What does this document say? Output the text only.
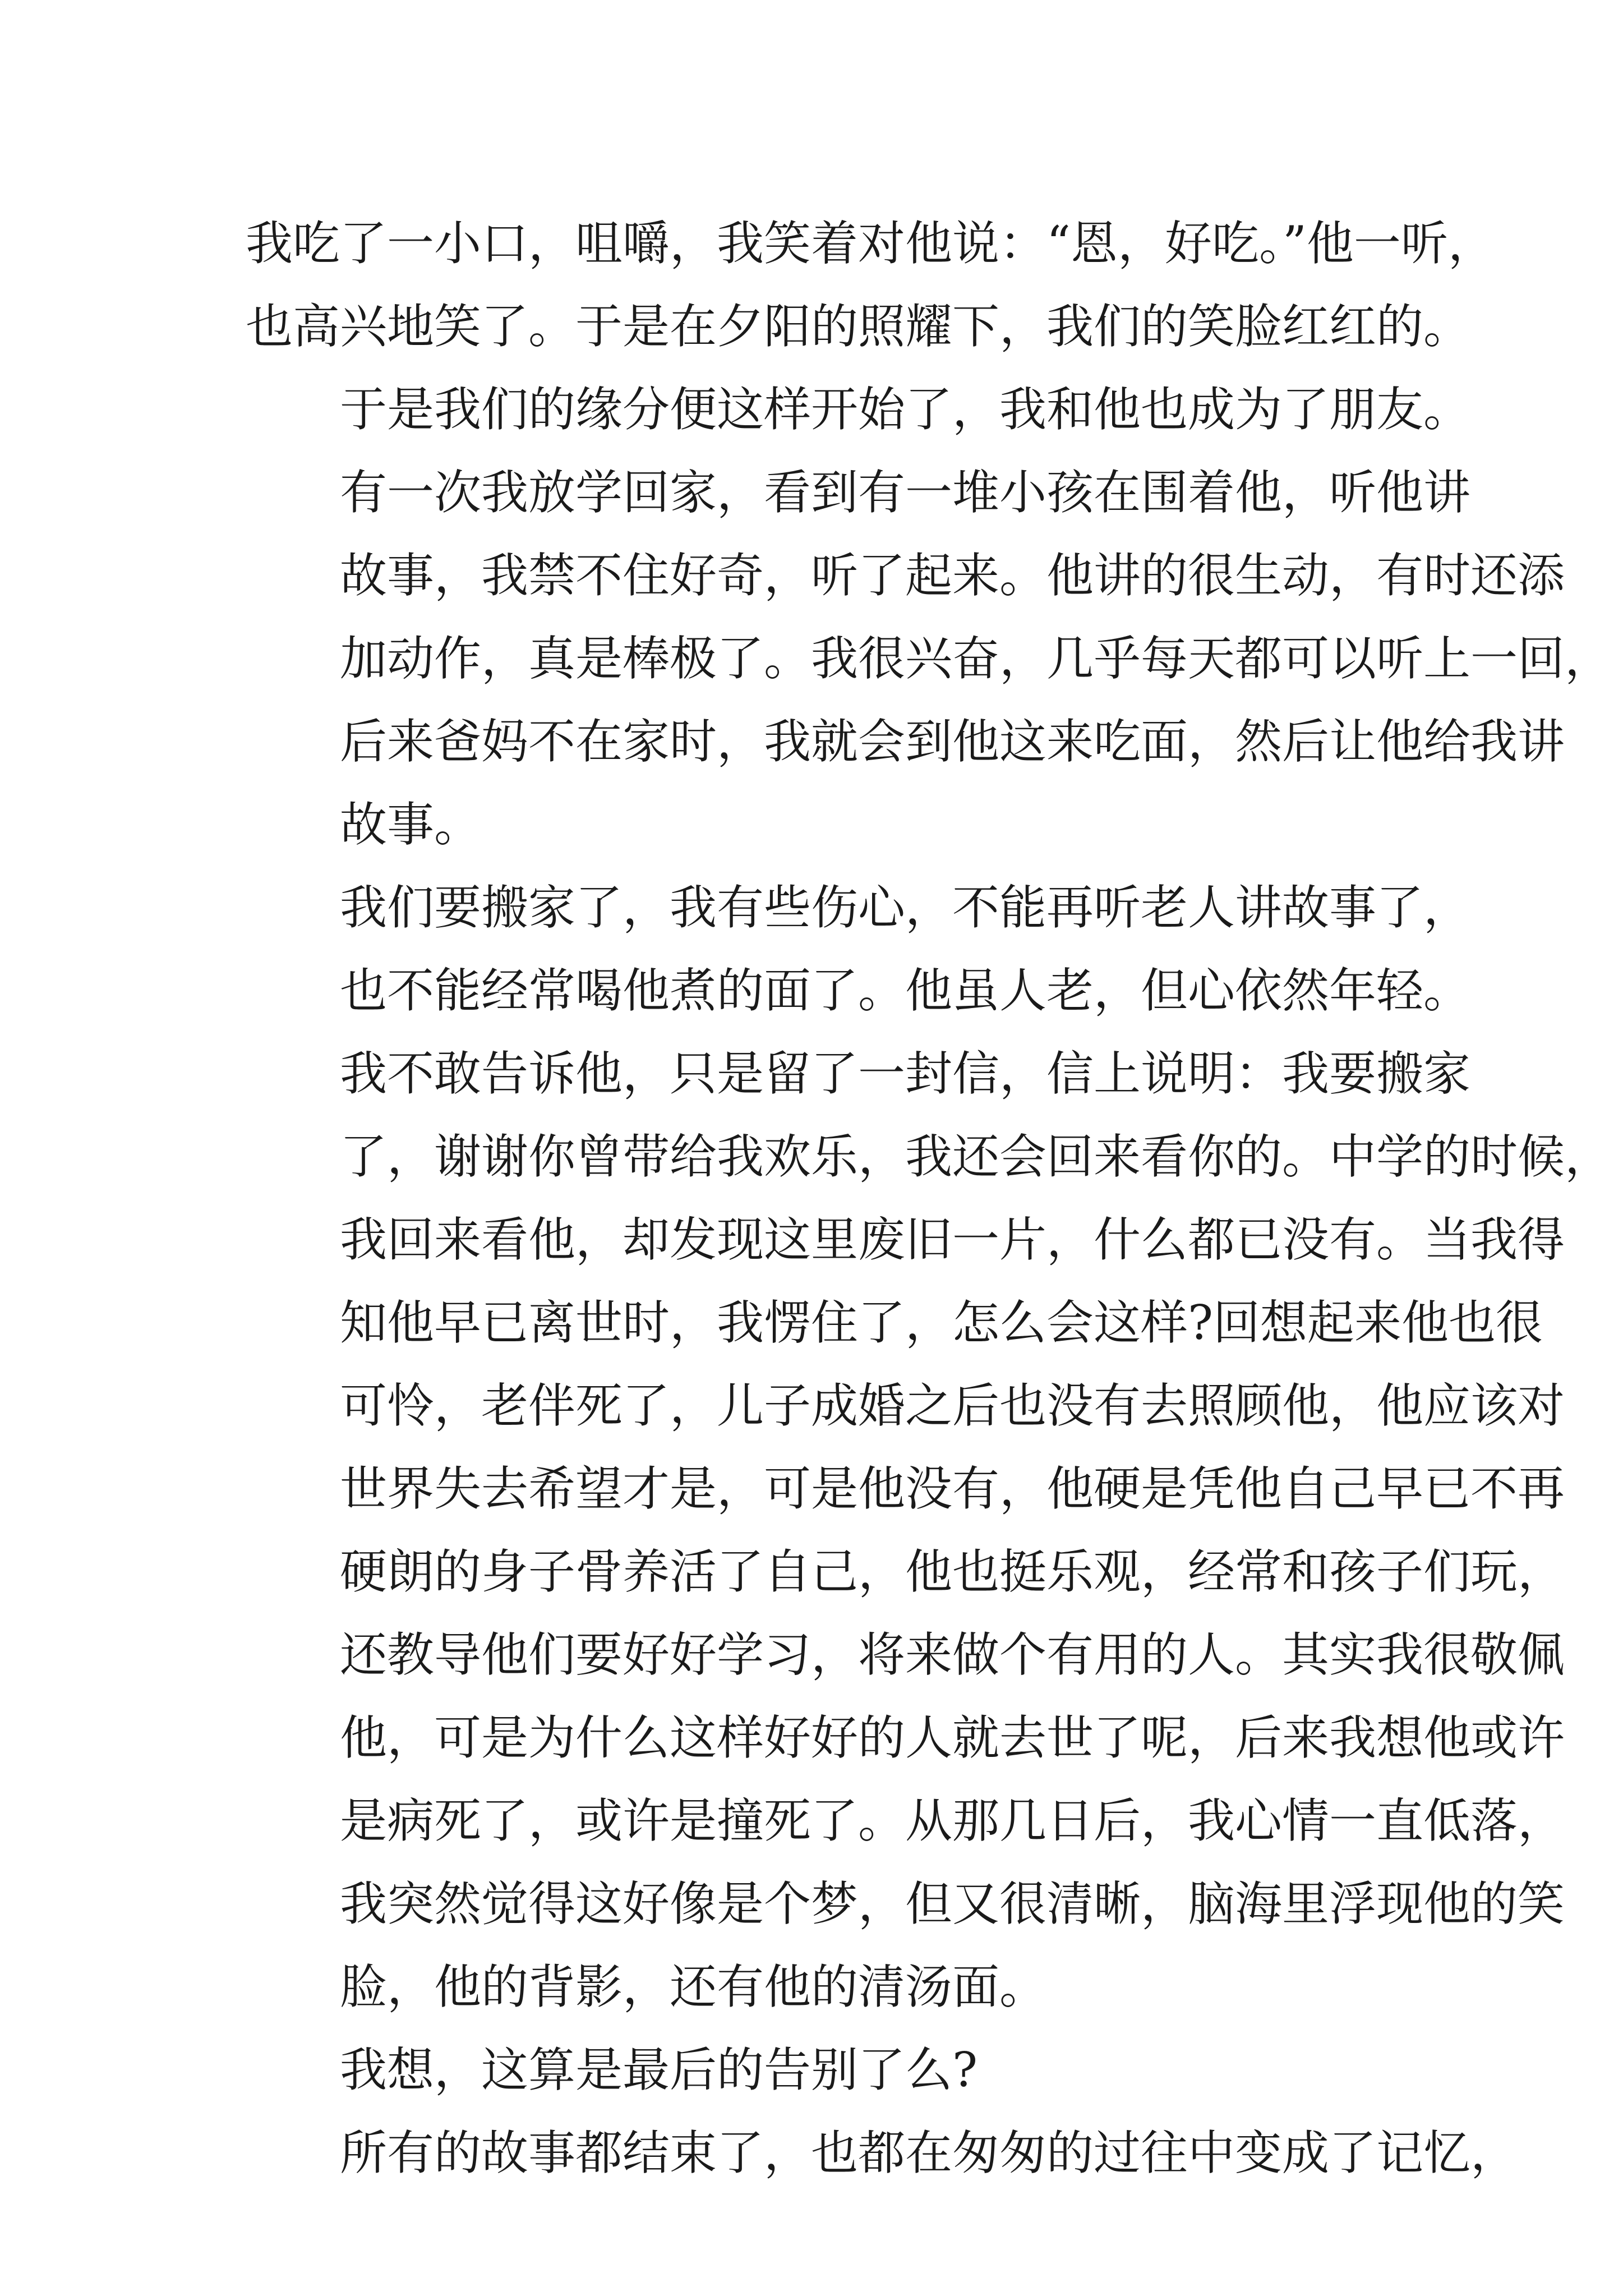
我吃了一小口，咀嚼，我笑着对他说：“恩，好吃。”他一听，
也高兴地笑了。于是在夕阳的照耀下，我们的笑脸红红的。

于是我们的缘分便这样开始了，我和他也成为了朋友。

有一次我放学回家，看到有一堆小孩在围着他，听他讲
故事，我禁不住好奇，听了起来。他讲的很生动，有时还添
加动作，真是棒极了。我很兴奋，几乎每天都可以听上一回，
后来爸妈不在家时，我就会到他这来吃面，然后让他给我讲
故事。

我们要搬家了，我有些伤心，不能再听老人讲故事了，
也不能经常喝他煮的面了。他虽人老，但心依然年轻。

我不敢告诉他，只是留了一封信，信上说明：我要搬家
了，谢谢你曾带给我欢乐，我还会回来看你的。中学的时候，
我回来看他，却发现这里废旧一片，什么都已没有。当我得
知他早已离世时，我愣住了，怎么会这样?回想起来他也很
可怜，老伴死了，儿子成婚之后也没有去照顾他，他应该对
世界失去希望才是，可是他没有，他硬是凭他自己早已不再
硬朗的身子骨养活了自己，他也挺乐观，经常和孩子们玩，
还教导他们要好好学习，将来做个有用的人。其实我很敬佩
他，可是为什么这样好好的人就去世了呢，后来我想他或许
是病死了，或许是撞死了。从那几日后，我心情一直低落，
我突然觉得这好像是个梦，但又很清晰，脑海里浮现他的笑
脸，他的背影，还有他的清汤面。

我想，这算是最后的告别了么?

所有的故事都结束了，也都在匆匆的过往中变成了记忆，
